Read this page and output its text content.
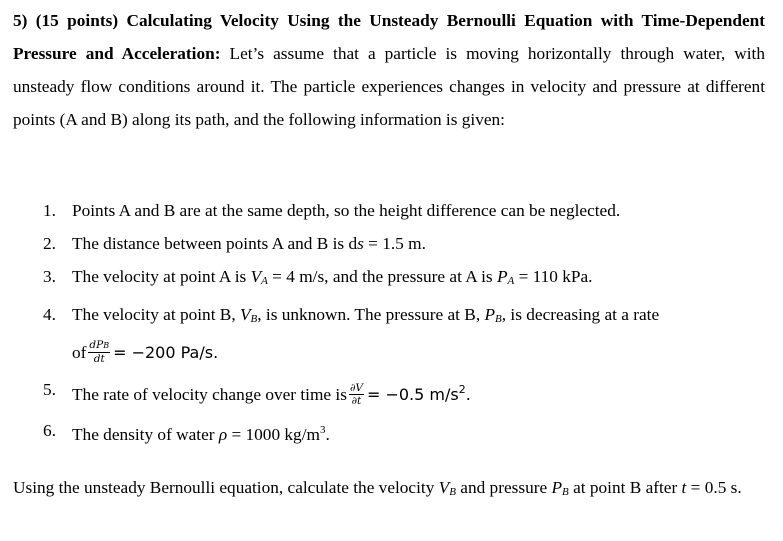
5) (15 points) Calculating Velocity Using the Unsteady Bernoulli Equation with Time-Dependent Pressure and Acceleration: Let’s assume that a particle is moving horizontally through water, with unsteady flow conditions around it. The particle experiences changes in velocity and pressure at different points (A and B) along its path, and the following information is given:

1. Points A and B are at the same depth, so the height difference can be neglected.
2. The distance between points A and B is ds = 1.5 m.
3. The velocity at point A is VA = 4 m/s, and the pressure at A is PA = 110 kPa.
4. The velocity at point B, VB, is unknown. The pressure at B, PB, is decreasing at a rate
of $\frac{\text{dPB}}{dt} = -200$ Pa/s.
5. The rate of velocity change over time is $\frac{\partial V}{\partial t} = -0.5$ $m/s^2$.
6. The density of water ρ = 1000 $kg/m^3$.

Using the unsteady Bernoulli equation, calculate the velocity VB and pressure PB at point B after t = 0.5 s.
